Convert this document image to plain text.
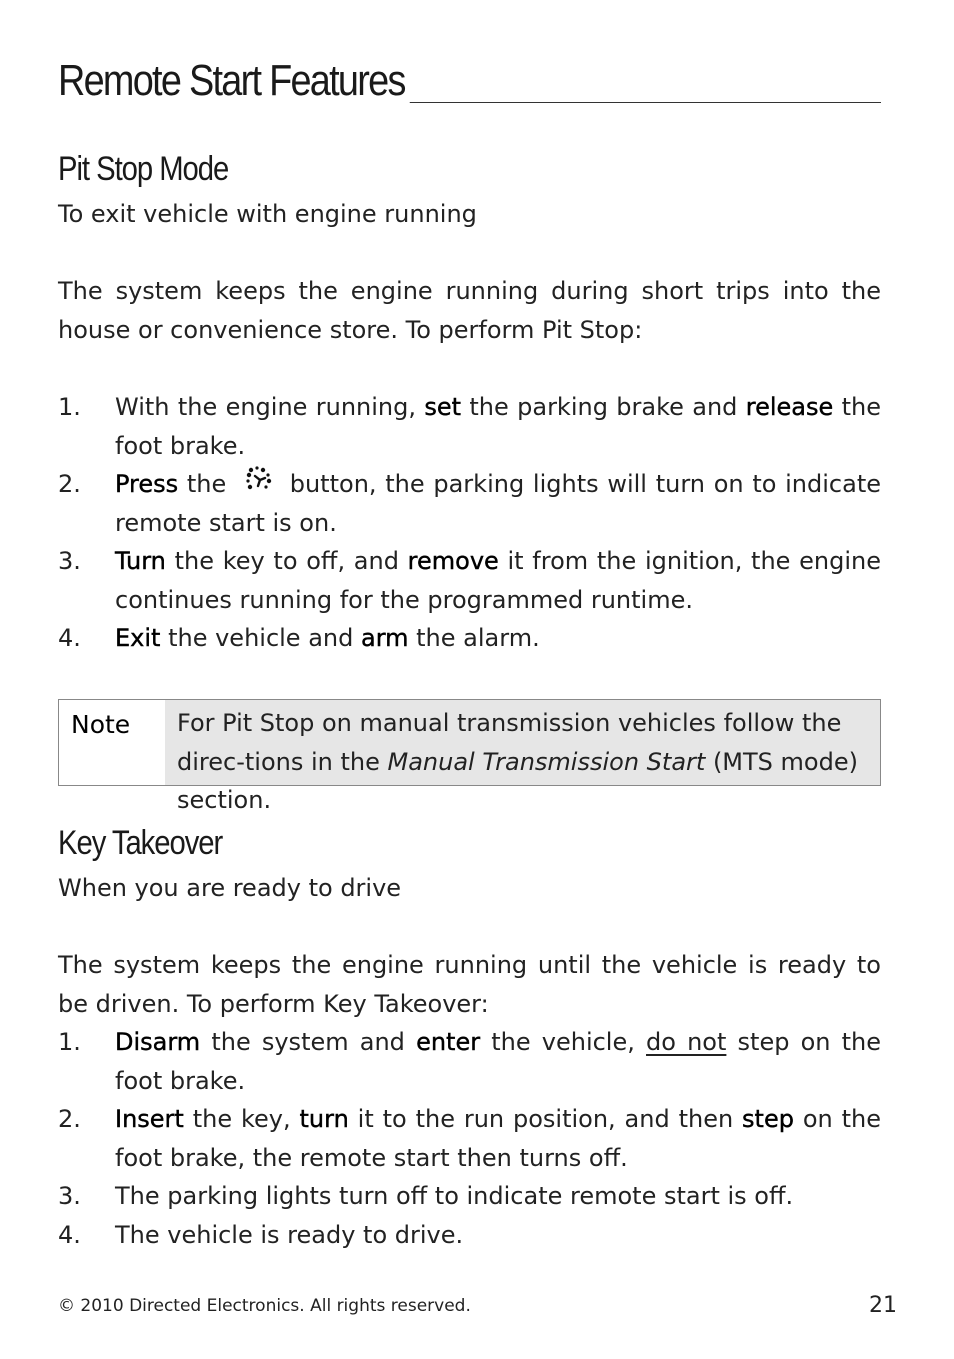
Remote Start Features
Pit Stop Mode

To exit vehicle with engine running

The system keeps the engine running during short trips into the house or convenience store. To perform Pit Stop:

1. With the engine running, set the parking brake and release the foot brake.
2. Press the  button, the parking lights will turn on to indicate remote start is on.
3. Turn the key to off, and remove it from the ignition, the engine continues running for the programmed runtime.
4. Exit the vehicle and arm the alarm.
Note	For Pit Stop on manual transmission vehicles follow the direc-tions in the Manual Transmission Start (MTS mode) section.
Key Takeover

When you are ready to drive

The system keeps the engine running until the vehicle is ready to be driven. To perform Key Takeover:

1. Disarm the system and enter the vehicle, do not step on the foot brake.
2. Insert the key, turn it to the run position, and then step on the foot brake, the remote start then turns off.
3. The parking lights turn off to indicate remote start is off.
4. The vehicle is ready to drive.
© 2010 Directed Electronics. All rights reserved.	21
